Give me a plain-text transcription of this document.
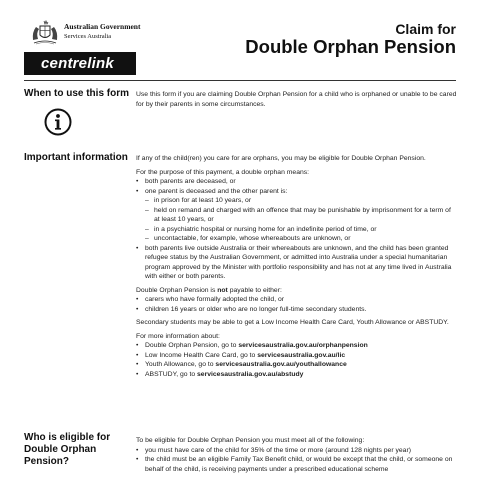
Australian Government
Services Australia
centrelink
Claim for
Double Orphan Pension
When to use this form	Use this form if you are claiming Double Orphan Pension for a child who is orphaned or unable to be cared for by their parents in some circumstances.
Important information	If any of the child(ren) you care for are orphans, you may be eligible for Double Orphan Pension.

For the purpose of this payment, a double orphan means:

• both parents are deceased, or
• one parent is deceased and the other parent is:
– in prison for at least 10 years, or
– held on remand and charged with an offence that may be punishable by imprisonment for a term of at least 10 years, or
– in a psychiatric hospital or nursing home for an indefinite period of time, or
– uncontactable, for example, whose whereabouts are unknown, or
• both parents live outside Australia or their whereabouts are unknown, and the child has been granted refugee status by the Australian Government, or admitted into Australia under a special humanitarian program approved by the Minister with portfolio responsibility and has not at any time lived in Australia with either or both parents.

Double Orphan Pension is not payable to either:

• carers who have formally adopted the child, or
• children 16 years or older who are no longer full-time secondary students.

Secondary students may be able to get a Low Income Health Care Card, Youth Allowance or ABSTUDY.

For more information about:

• Double Orphan Pension, go to servicesaustralia.gov.au/orphanpension
• Low Income Health Care Card, go to servicesaustralia.gov.au/lic
• Youth Allowance, go to servicesaustralia.gov.au/youthallowance
• ABSTUDY, go to servicesaustralia.gov.au/abstudy
Who is eligible for
Double Orphan
Pension?

To be eligible for Double Orphan Pension you must meet all of the following:

• you must have care of the child for 35% of the time or more (around 128 nights per year)
• the child must be an eligible Family Tax Benefit child, or would be except that the child, or someone on behalf of the child, is receiving payments under a prescribed educational scheme
